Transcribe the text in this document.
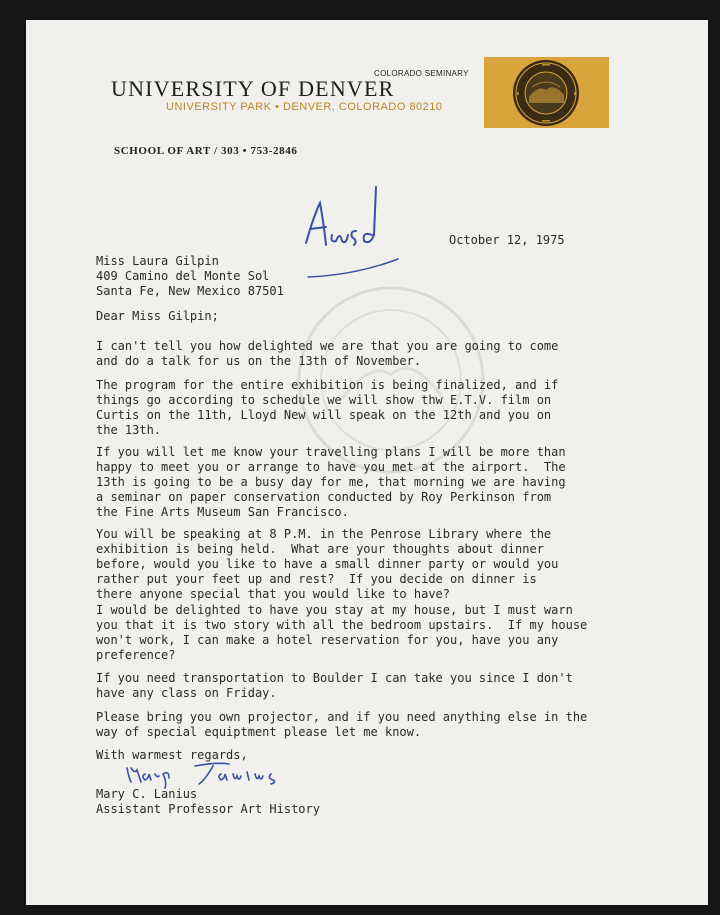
COLORADO SEMINARY
UNIVERSITY OF DENVER
UNIVERSITY PARK • DENVER, COLORADO 80210
SCHOOL OF ART / 303 • 753-2846

October 12, 1975

Miss Laura Gilpin
409 Camino del Monte Sol
Santa Fe, New Mexico 87501

Dear Miss Gilpin;

I can't tell you how delighted we are that you are going to come
and do a talk for us on the 13th of November.
The program for the entire exhibition is being finalized, and if
things go according to schedule we will show thw E.T.V. film on
Curtis on the 11th, Lloyd New will speak on the 12th and you on
the 13th.
If you will let me know your travelling plans I will be more than
happy to meet you or arrange to have you met at the airport.  The
13th is going to be a busy day for me, that morning we are having
a seminar on paper conservation conducted by Roy Perkinson from
the Fine Arts Museum San Francisco.
You will be speaking at 8 P.M. in the Penrose Library where the
exhibition is being held.  What are your thoughts about dinner
before, would you like to have a small dinner party or would you
rather put your feet up and rest?  If you decide on dinner is
there anyone special that you would like to have?
I would be delighted to have you stay at my house, but I must warn
you that it is two story with all the bedroom upstairs.  If my house
won't work, I can make a hotel reservation for you, have you any
preference?
If you need transportation to Boulder I can take you since I don't
have any class on Friday.
Please bring you own projector, and if you need anything else in the
way of special equiptment please let me know.

With warmest regards,

Mary C. Lanius

Assistant Professor Art History
